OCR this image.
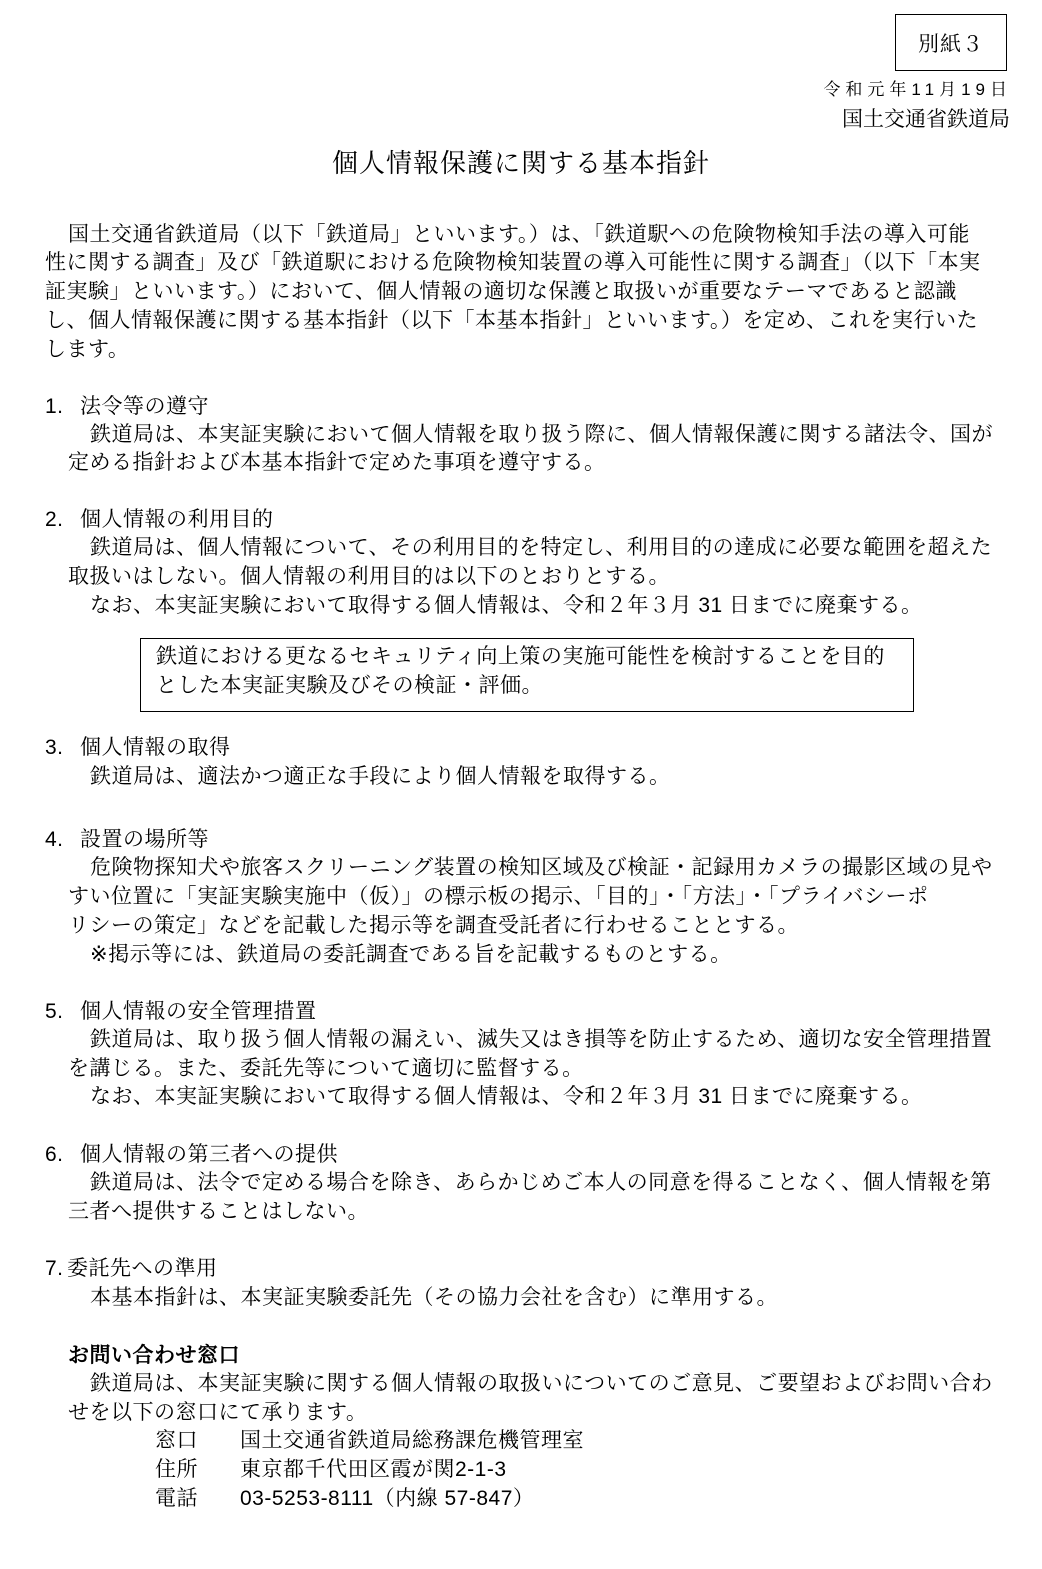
別紙３
令和元年11月19日
国土交通省鉄道局
個人情報保護に関する基本指針
国土交通省鉄道局（以下「鉄道局」といいます。）は、「鉄道駅への危険物検知手法の導入可能
性に関する調査」及び「鉄道駅における危険物検知装置の導入可能性に関する調査」（以下「本実
証実験」といいます。）において、個人情報の適切な保護と取扱いが重要なテーマであると認識
し、個人情報保護に関する基本指針（以下「本基本指針」といいます。）を定め、これを実行いた
します。
1. 法令等の遵守
鉄道局は、本実証実験において個人情報を取り扱う際に、個人情報保護に関する諸法令、国が
定める指針および本基本指針で定めた事項を遵守する。
2. 個人情報の利用目的
鉄道局は、個人情報について、その利用目的を特定し、利用目的の達成に必要な範囲を超えた
取扱いはしない。個人情報の利用目的は以下のとおりとする。
なお、本実証実験において取得する個人情報は、令和２年３月 31 日までに廃棄する。
鉄道における更なるセキュリティ向上策の実施可能性を検討することを目的
とした本実証実験及びその検証・評価。
3. 個人情報の取得
鉄道局は、適法かつ適正な手段により個人情報を取得する。
4. 設置の場所等
危険物探知犬や旅客スクリーニング装置の検知区域及び検証・記録用カメラの撮影区域の見や
すい位置に「実証実験実施中（仮）」の標示板の掲示、「目的」・「方法」・「プライバシーポ
リシーの策定」などを記載した掲示等を調査受託者に行わせることとする。
※掲示等には、鉄道局の委託調査である旨を記載するものとする。
5. 個人情報の安全管理措置
鉄道局は、取り扱う個人情報の漏えい、滅失又はき損等を防止するため、適切な安全管理措置
を講じる。また、委託先等について適切に監督する。
なお、本実証実験において取得する個人情報は、令和２年３月 31 日までに廃棄する。
6. 個人情報の第三者への提供
鉄道局は、法令で定める場合を除き、あらかじめご本人の同意を得ることなく、個人情報を第
三者へ提供することはしない。
7. 委託先への準用
本基本指針は、本実証実験委託先（その協力会社を含む）に準用する。
お問い合わせ窓口
鉄道局は、本実証実験に関する個人情報の取扱いについてのご意見、ご要望およびお問い合わ
せを以下の窓口にて承ります。
窓口 国土交通省鉄道局総務課危機管理室
住所 東京都千代田区霞が関2-1-3
電話 03-5253-8111（内線 57-847）
